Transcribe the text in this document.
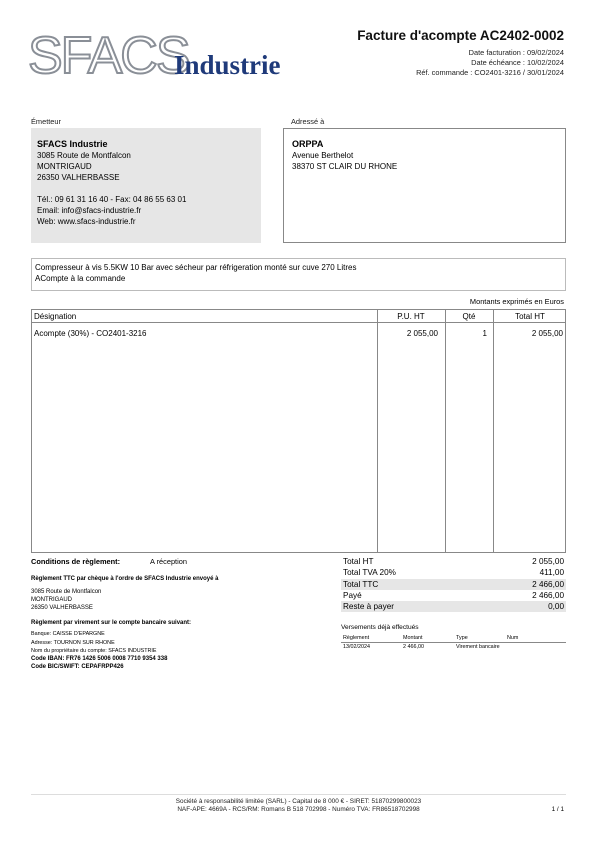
SFACS
Industrie
Facture d'acompte AC2402-0002
Date facturation : 09/02/2024
Date échéance : 10/02/2024
Réf. commande : CO2401-3216 / 30/01/2024
Émetteur	Adressé à
SFACS Industrie
3085 Route de Montfalcon
MONTRIGAUD
26350 VALHERBASSE
Tél.: 09 61 31 16 40 - Fax: 04 86 55 63 01
Email: info@sfacs-industrie.fr
Web: www.sfacs-industrie.fr
ORPPA
Avenue Berthelot
38370 ST CLAIR DU RHONE
Compresseur à vis 5.5KW 10 Bar avec sécheur par réfrigeration monté sur cuve 270 Litres
ACompte à la commande
Montants exprimés en Euros
Désignation	P.U. HT	Qté	Total HT
Acompte (30%) - CO2401-3216	2 055,00	1	2 055,00
Conditions de règlement:	A réception
Règlement TTC par chèque à l'ordre de SFACS Industrie envoyé à
3085 Route de Montfalcon
MONTRIGAUD
26350 VALHERBASSE
Règlement par virement sur le compte bancaire suivant:
Banque: CAISSE D'EPARGNE
Adresse: TOURNON SUR RHONE
Nom du propriétaire du compte: SFACS INDUSTRIE
Code IBAN: FR76 1426 5006 0008 7710 9354 338
Code BIC/SWIFT: CEPAFRPP426
Total HT	2 055,00
Total TVA 20%	411,00
Total TTC	2 466,00
Payé	2 466,00
Reste à payer	0,00
Versements déjà effectués
Règlement	Montant	Type	Num
13/02/2024	2 466,00	Virement bancaire
Société à responsabilité limitée (SARL) - Capital de 8 000 € - SIRET: 51870299800023
NAF-APE: 4669A - RCS/RM: Romans B 518 702998 - Numéro TVA: FR86518702998	1 / 1
